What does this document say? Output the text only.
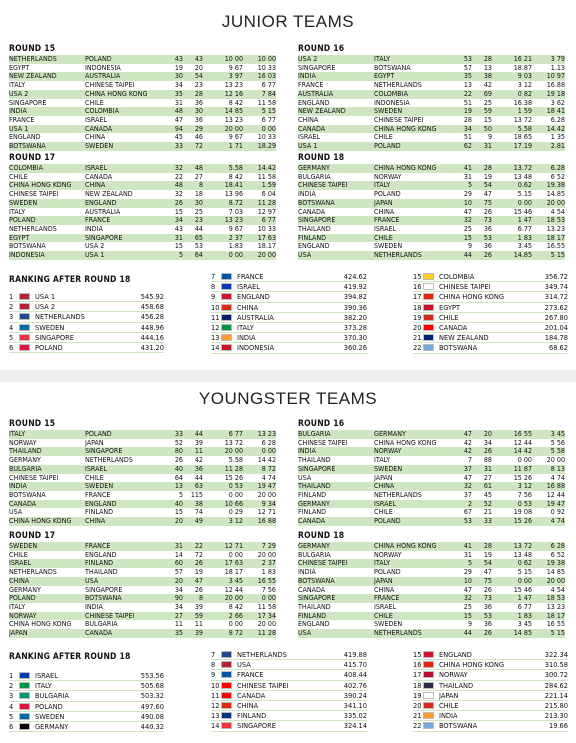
JUNIOR TEAMS
ROUND 15
NETHERLANDS	POLAND	43	43	10 00	10 00
EGYPT	INDONESIA	19	20	9 67	10 33
NEW ZEALAND	AUSTRALIA	30	54	3 97	16 03
ITALY	CHINESE TAIPEI	34	23	13 23	6 77
USA 2	CHINA HONG KONG	35	28	12 16	7 84
SINGAPORE	CHILE	31	36	8 42	11 58
INDIA	COLOMBIA	48	30	14 85	5 15
FRANCE	ISRAEL	47	36	13 23	6 77
USA 1	CANADA	94	29	20 00	0 00
ENGLAND	CHINA	45	46	9 67	10 33
BOTSWANA	SWEDEN	33	72	1 71	18.29
ROUND 16
USA 2	ITALY	53	28	16 21	3 79
SINGAPORE	BOTSWANA	57	13	18.87	1.13
INDIA	EGYPT	35	38	9 03	10 97
FRANCE	NETHERLANDS	13	42	3 12	16.88
AUSTRALIA	COLOMBIA	22	69	0 82	19 18
ENGLAND	INDONESIA	51	25	16.38	3 62
NEW ZEALAND	SWEDEN	19	59	1 59	18 41
CHINA	CHINESE TAIPEI	28	15	13 72	6.28
CANADA	CHINA HONG KONG	34	50	5.58	14.42
ISRAEL	CHILE	51	9	18 65	1 35
USA 1	POLAND	62	31	17.19	2.81
ROUND 17
COLOMBIA	ISRAEL	32	48	5.58	14.42
CHILE	CANADA	22	27	8 42	11 58
CHINA HONG KONG	CHINA	48	8	18.41	1.59
CHINESE TAIPEI	NEW ZEALAND	32	18	13 96	6 04
SWEDEN	ENGLAND	26	30	8.72	11 28
ITALY	AUSTRALIA	15	25	7 03	12 97
POLAND	FRANCE	34	23	13 23	6 77
NETHERLANDS	INDIA	43	44	9 67	10 33
EGYPT	SINGAPORE	31	65	2 37	17 63
BOTSWANA	USA 2	15	53	1.83	18.17
INDONESIA	USA 1	5	64	0 00	20 00
ROUND 18
GERMANY	CHINA HONG KONG	41	28	13.72	6.28
BULGARIA	NORWAY	31	19	13 48	6 52
CHINESE TAIPEI	ITALY	5	54	0.62	19.38
INDIA	POLAND	29	47	5.15	14.85
BOTSWANA	JAPAN	10	75	0 00	20 00
CANADA	CHINA	47	26	15 46	4 54
SINGAPORE	FRANCE	32	73	1 47	18 53
THAILAND	ISRAEL	25	36	6.77	13.23
FINLAND	CHILE	15	53	1 83	18 17
ENGLAND	SWEDEN	9	36	3.45	16.55
USA	NETHERLANDS	44	26	14.85	5 15
RANKING AFTER ROUND 18
1	USA 1	545.92
2	USA 2	458.68
3	NETHERLANDS	456.28
4	SWEDEN	448.96
5	SINGAPORE	444.16
6	POLAND	431.20
7	FRANCE	424.62
8	ISRAEL	419.92
9	ENGLAND	394.82
10 CHINA	390.36
11 AUSTRALIA	382.20
12 ITALY	373.28
13 INDIA	370.30
14 INDONESIA	360.26
15 COLOMBIA	356.72
16 CHINESE TAIPEI	349.74
17 CHINA HONG KONG	314.72
18 EGYPT	273.62
19 CHILE	267.80
20 CANADA	201.04
21 NEW ZEALAND	184.78
22 BOTSWANA	68.62
YOUNGSTER TEAMS
ROUND 15
ITALY	POLAND	33	44	6 77	13 23
NORWAY	JAPAN	52	39	13 72	6 28
THAILAND	SINGAPORE	80	11	20 00	0 00
GERMANY	NETHERLANDS	26	42	5.58	14 42
BULGARIA	ISRAEL	40	36	11 28	8 72
CHINESE TAIPEI	CHILE	64	44	15 26	4 74
INDIA	SWEDEN	13	63	0 53	19 47
BOTSWANA	FRANCE	5	115	0 00	20 00
CANADA	ENGLAND	40	38	10 66	9 34
USA	FINLAND	15	74	0 29	12 71
CHINA HONG KONG	CHINA	20	49	3 12	16 88
ROUND 16
BULGARIA	GERMANY	47	20	16 55	3 45
CHINESE TAIPEI	CHINA HONG KONG	42	34	12 44	5 56
INDIA	NORWAY	42	26	14 42	5 58
THAILAND	ITALY	7	88	0 00	20 00
SINGAPORE	SWEDEN	37	31	11 87	8 13
USA	JAPAN	47	27	15 26	4 74
THAILAND	CHINA	32	61	3 12	16 88
FINLAND	NETHERLANDS	37	45	7 56	12 44
GERMANY	ISRAEL	2	52	0 53	19 47
FINLAND	CHILE	67	21	19 08	0 92
CANADA	POLAND	53	33	15 26	4 74
ROUND 17
SWEDEN	FRANCE	31	22	12 71	7 29
CHILE	ENGLAND	14	72	0 00	20 00
ISRAEL	FINLAND	60	26	17 63	2 37
NETHERLANDS	THAILAND	57	19	18 17	1 83
CHINA	USA	20	47	3 45	16 55
GERMANY	SINGAPORE	34	26	12 44	7 56
POLAND	BOTSWANA	90	8	20 00	0 00
ITALY	INDIA	34	39	8 42	11 58
NORWAY	CHINESE TAIPEI	27	59	2 66	17 34
CHINA HONG KONG	BULGARIA	11	11	0 00	20 00
JAPAN	CANADA	35	39	8 72	11 28
ROUND 18
GERMANY	CHINA HONG KONG	41	28	13 72	6 28
BULGARIA	NORWAY	31	19	13 48	6 52
CHINESE TAIPEI	ITALY	5	54	0 62	19 38
INDIA	POLAND	29	47	5 15	14 85
BOTSWANA	JAPAN	10	75	0 00	20 00
CANADA	CHINA	47	26	15 46	4 54
SINGAPORE	FRANCE	32	73	1 47	18 53
THAILAND	ISRAEL	25	36	6 77	13 23
FINLAND	CHILE	15	53	1 83	18 17
ENGLAND	SWEDEN	9	36	3 45	16 55
USA	NETHERLANDS	44	26	14 85	5 15
RANKING AFTER ROUND 18
1	ISRAEL	553.56
2	ITALY	505.68
3	BULGARIA	503.32
4	POLAND	497.60
5	SWEDEN	490.08
6	GERMANY	440.32
7	NETHERLANDS	419.88
8	USA	415.70
9	FRANCE	408.44
10 CHINESE TAIPEI	402.76
11 CANADA	390.24
12 CHINA	341.10
13 FINLAND	335.02
14 SINGAPORE	324.14
15 ENGLAND	322.34
16 CHINA HONG KONG	310.58
17 NORWAY	300.72
18 THAILAND	284.62
19 JAPAN	221.14
20 CHILE	215.80
21 INDIA	213.30
22 BOTSWANA	19.66
